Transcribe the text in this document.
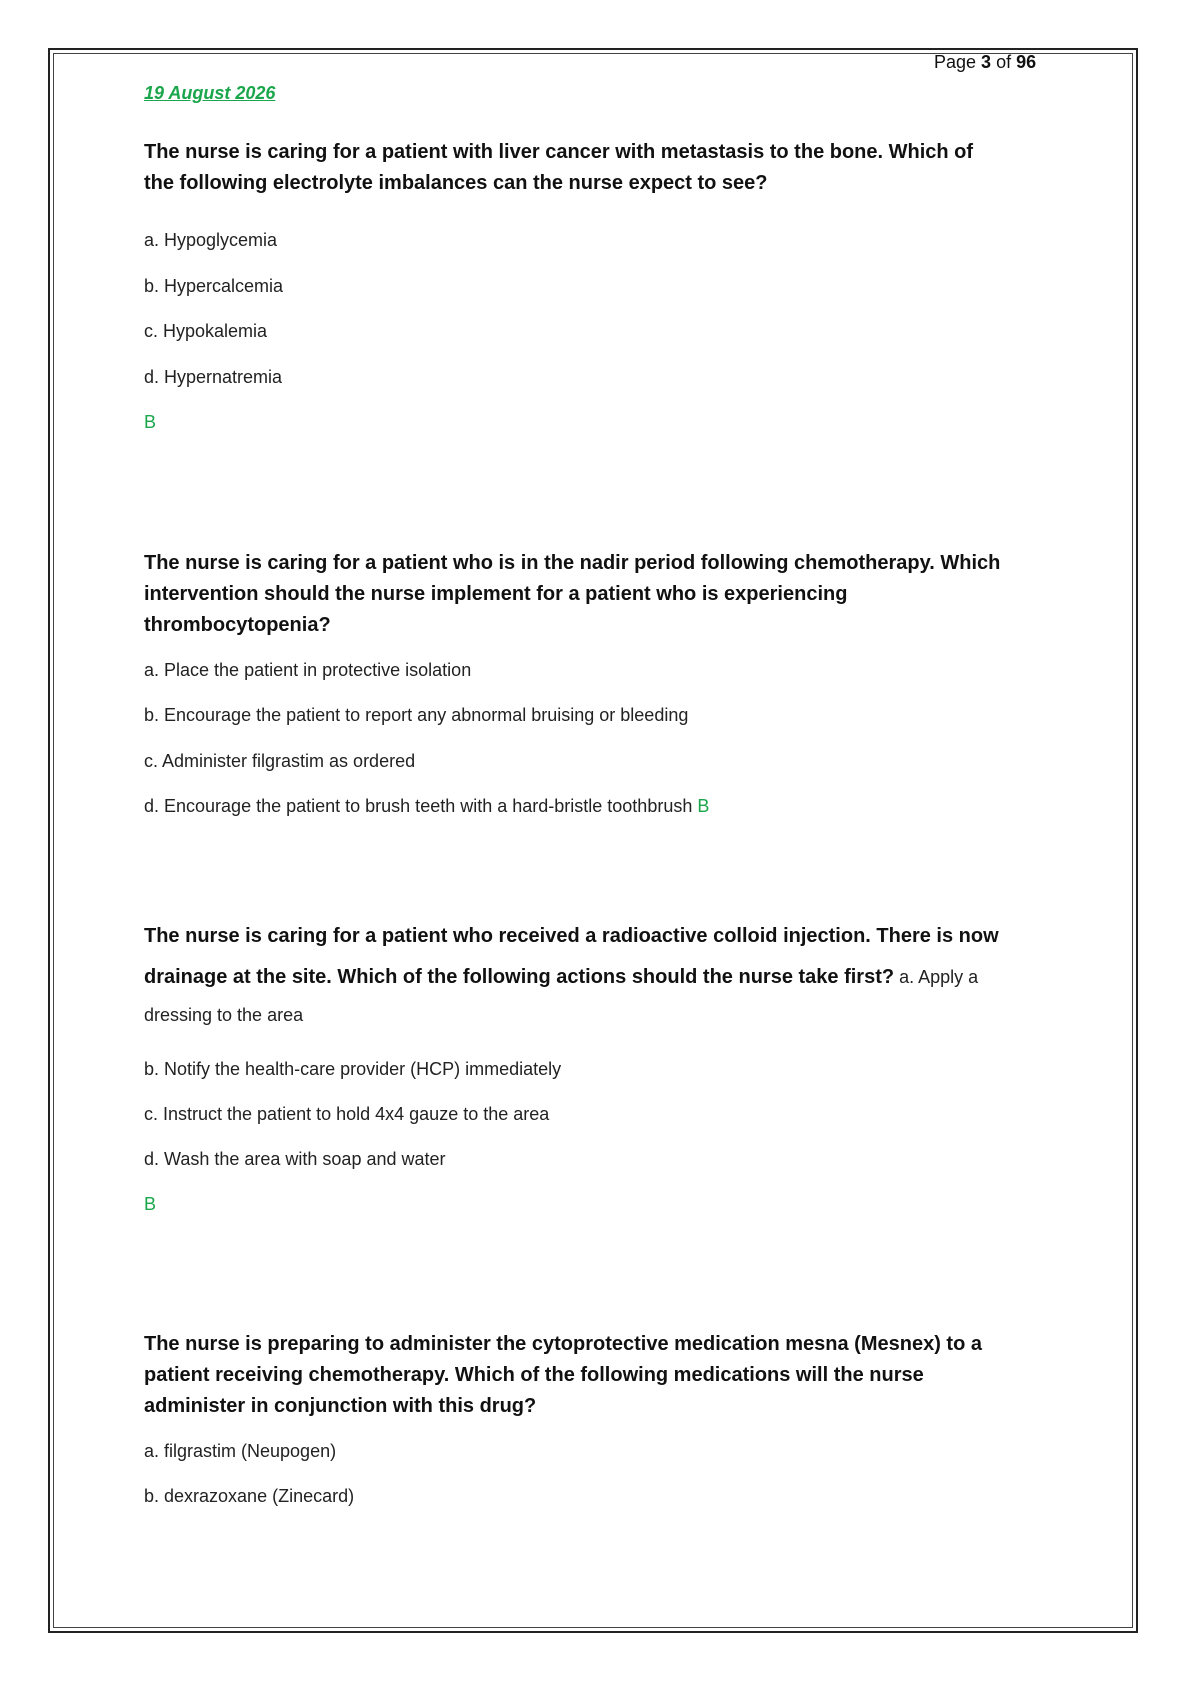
Page 3 of 96
19 August 2026
The nurse is caring for a patient with liver cancer with metastasis to the bone. Which of
the following electrolyte imbalances can the nurse expect to see?
a. Hypoglycemia
b. Hypercalcemia
c. Hypokalemia
d. Hypernatremia
B
The nurse is caring for a patient who is in the nadir period following chemotherapy. Which
intervention should the nurse implement for a patient who is experiencing
thrombocytopenia?
a. Place the patient in protective isolation
b. Encourage the patient to report any abnormal bruising or bleeding
c. Administer filgrastim as ordered
d. Encourage the patient to brush teeth with a hard-bristle toothbrush B
The nurse is caring for a patient who received a radioactive colloid injection. There is now
drainage at the site. Which of the following actions should the nurse take first? a. Apply a
dressing to the area
b. Notify the health-care provider (HCP) immediately
c. Instruct the patient to hold 4x4 gauze to the area
d. Wash the area with soap and water
B
The nurse is preparing to administer the cytoprotective medication mesna (Mesnex) to a
patient receiving chemotherapy. Which of the following medications will the nurse
administer in conjunction with this drug?
a. filgrastim (Neupogen)
b. dexrazoxane (Zinecard)
